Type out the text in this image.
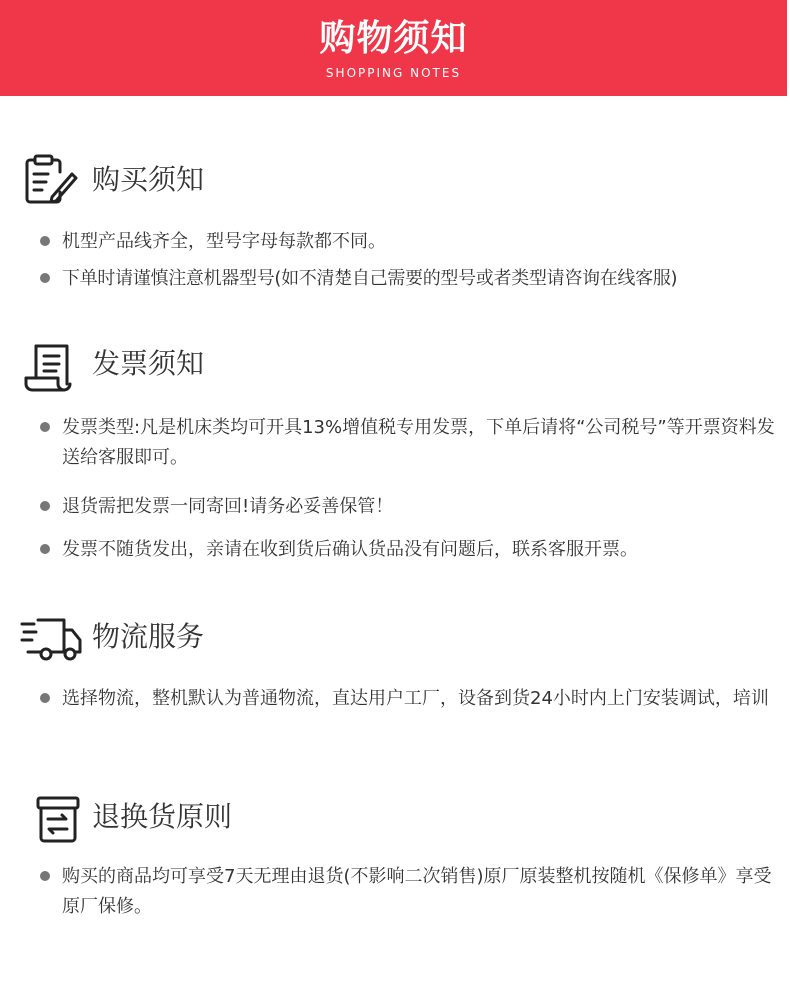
购物须知
SHOPPING NOTES
购买须知
机型产品线齐全，型号字母每款都不同。
下单时请谨慎注意机器型号(如不清楚自己需要的型号或者类型请咨询在线客服)
发票须知
发票类型:凡是机床类均可开具13%增值税专用发票，下单后请将“公司税号”等开票资料发送给客服即可。
退货需把发票一同寄回!请务必妥善保管！
发票不随货发出，亲请在收到货后确认货品没有问题后，联系客服开票。
物流服务
选择物流，整机默认为普通物流，直达用户工厂，设备到货24小时内上门安装调试，培训
退换货原则
购买的商品均可享受7天无理由退货(不影响二次销售)原厂原装整机按随机《保修单》享受原厂保修。
